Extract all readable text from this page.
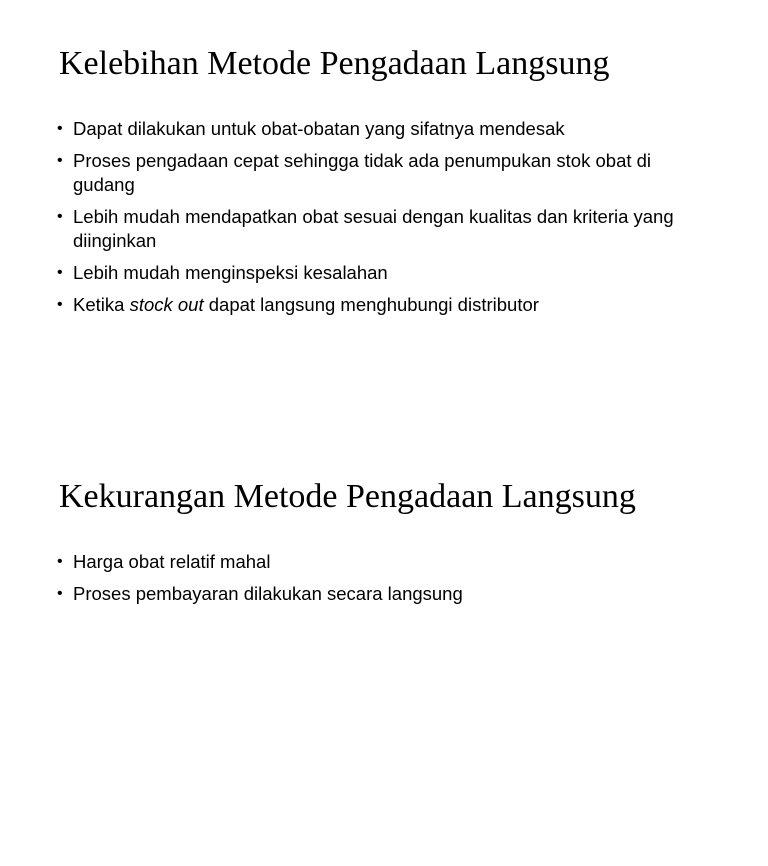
Kelebihan Metode Pengadaan Langsung
• Dapat dilakukan untuk obat-obatan yang sifatnya mendesak
• Proses pengadaan cepat sehingga tidak ada penumpukan stok obat di gudang
• Lebih mudah mendapatkan obat sesuai dengan kualitas dan kriteria yang diinginkan
• Lebih mudah menginspeksi kesalahan
• Ketika stock out dapat langsung menghubungi distributor
Kekurangan Metode Pengadaan Langsung
• Harga obat relatif mahal
• Proses pembayaran dilakukan secara langsung
